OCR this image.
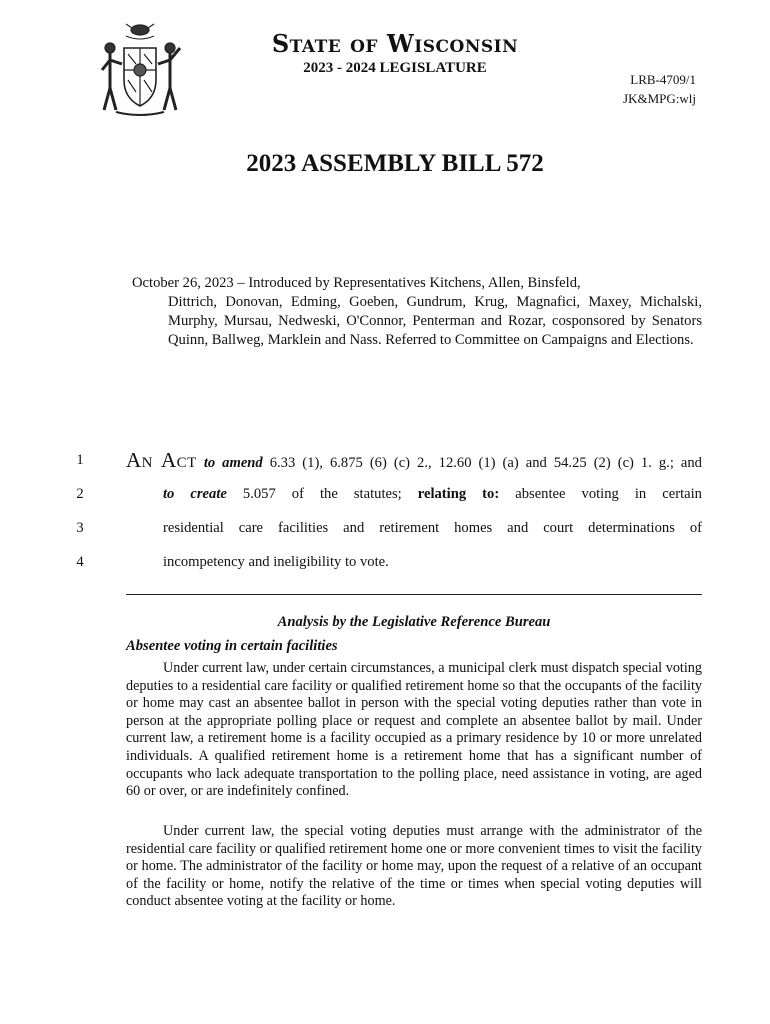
State of Wisconsin
2023 - 2024 LEGISLATURE
LRB-4709/1
JK&MPG:wlj
2023 ASSEMBLY BILL 572
October 26, 2023 – Introduced by Representatives Kitchens, Allen, Binsfeld,
Dittrich, Donovan, Edming, Goeben, Gundrum, Krug, Magnafici, Maxey, Michalski, Murphy, Mursau, Nedweski, O'Connor, Penterman and Rozar, cosponsored by Senators Quinn, Ballweg, Marklein and Nass. Referred to Committee on Campaigns and Elections.
1
2
3
4
An Act to amend 6.33 (1), 6.875 (6) (c) 2., 12.60 (1) (a) and 54.25 (2) (c) 1. g.; and
to create 5.057 of the statutes; relating to: absentee voting in certain
residential care facilities and retirement homes and court determinations of
incompetency and ineligibility to vote.
Analysis by the Legislative Reference Bureau
Absentee voting in certain facilities

Under current law, under certain circumstances, a municipal clerk must dispatch special voting deputies to a residential care facility or qualified retirement home so that the occupants of the facility or home may cast an absentee ballot in person with the special voting deputies rather than vote in person at the appropriate polling place or request and complete an absentee ballot by mail. Under current law, a retirement home is a facility occupied as a primary residence by 10 or more unrelated individuals. A qualified retirement home is a retirement home that has a significant number of occupants who lack adequate transportation to the polling place, need assistance in voting, are aged 60 or over, or are indefinitely confined.

Under current law, the special voting deputies must arrange with the administrator of the residential care facility or qualified retirement home one or more convenient times to visit the facility or home. The administrator of the facility or home may, upon the request of a relative of an occupant of the facility or home, notify the relative of the time or times when special voting deputies will conduct absentee voting at the facility or home.
